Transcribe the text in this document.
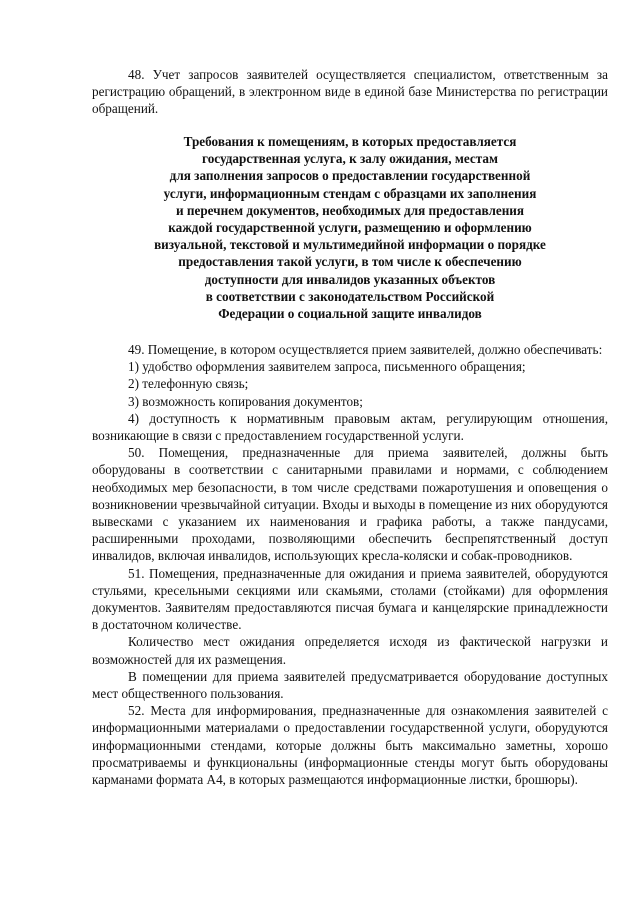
48. Учет запросов заявителей осуществляется специалистом, ответственным за регистрацию обращений, в электронном виде в единой базе Министерства по регистрации обращений.

Требования к помещениям, в которых предоставляется
государственная услуга, к залу ожидания, местам
для заполнения запросов о предоставлении государственной
услуги, информационным стендам с образцами их заполнения
и перечнем документов, необходимых для предоставления
каждой государственной услуги, размещению и оформлению
визуальной, текстовой и мультимедийной информации о порядке
предоставления такой услуги, в том числе к обеспечению
доступности для инвалидов указанных объектов
в соответствии с законодательством Российской
Федерации о социальной защите инвалидов

49. Помещение, в котором осуществляется прием заявителей, должно обеспечивать:

1) удобство оформления заявителем запроса, письменного обращения;

2) телефонную связь;

3) возможность копирования документов;

4) доступность к нормативным правовым актам, регулирующим отношения, возникающие в связи с предоставлением государственной услуги.

50. Помещения, предназначенные для приема заявителей, должны быть оборудованы в соответствии с санитарными правилами и нормами, с соблюдением необходимых мер безопасности, в том числе средствами пожаротушения и оповещения о возникновении чрезвычайной ситуации. Входы и выходы в помещение из них оборудуются вывесками с указанием их наименования и графика работы, а также пандусами, расширенными проходами, позволяющими обеспечить беспрепятственный доступ инвалидов, включая инвалидов, использующих кресла-коляски и собак-проводников.

51. Помещения, предназначенные для ожидания и приема заявителей, оборудуются стульями, кресельными секциями или скамьями, столами (стойками) для оформления документов. Заявителям предоставляются писчая бумага и канцелярские принадлежности в достаточном количестве.

Количество мест ожидания определяется исходя из фактической нагрузки и возможностей для их размещения.

В помещении для приема заявителей предусматривается оборудование доступных мест общественного пользования.

52. Места для информирования, предназначенные для ознакомления заявителей с информационными материалами о предоставлении государственной услуги, оборудуются информационными стендами, которые должны быть максимально заметны, хорошо просматриваемы и функциональны (информационные стенды могут быть оборудованы карманами формата А4, в которых размещаются информационные листки, брошюры).
